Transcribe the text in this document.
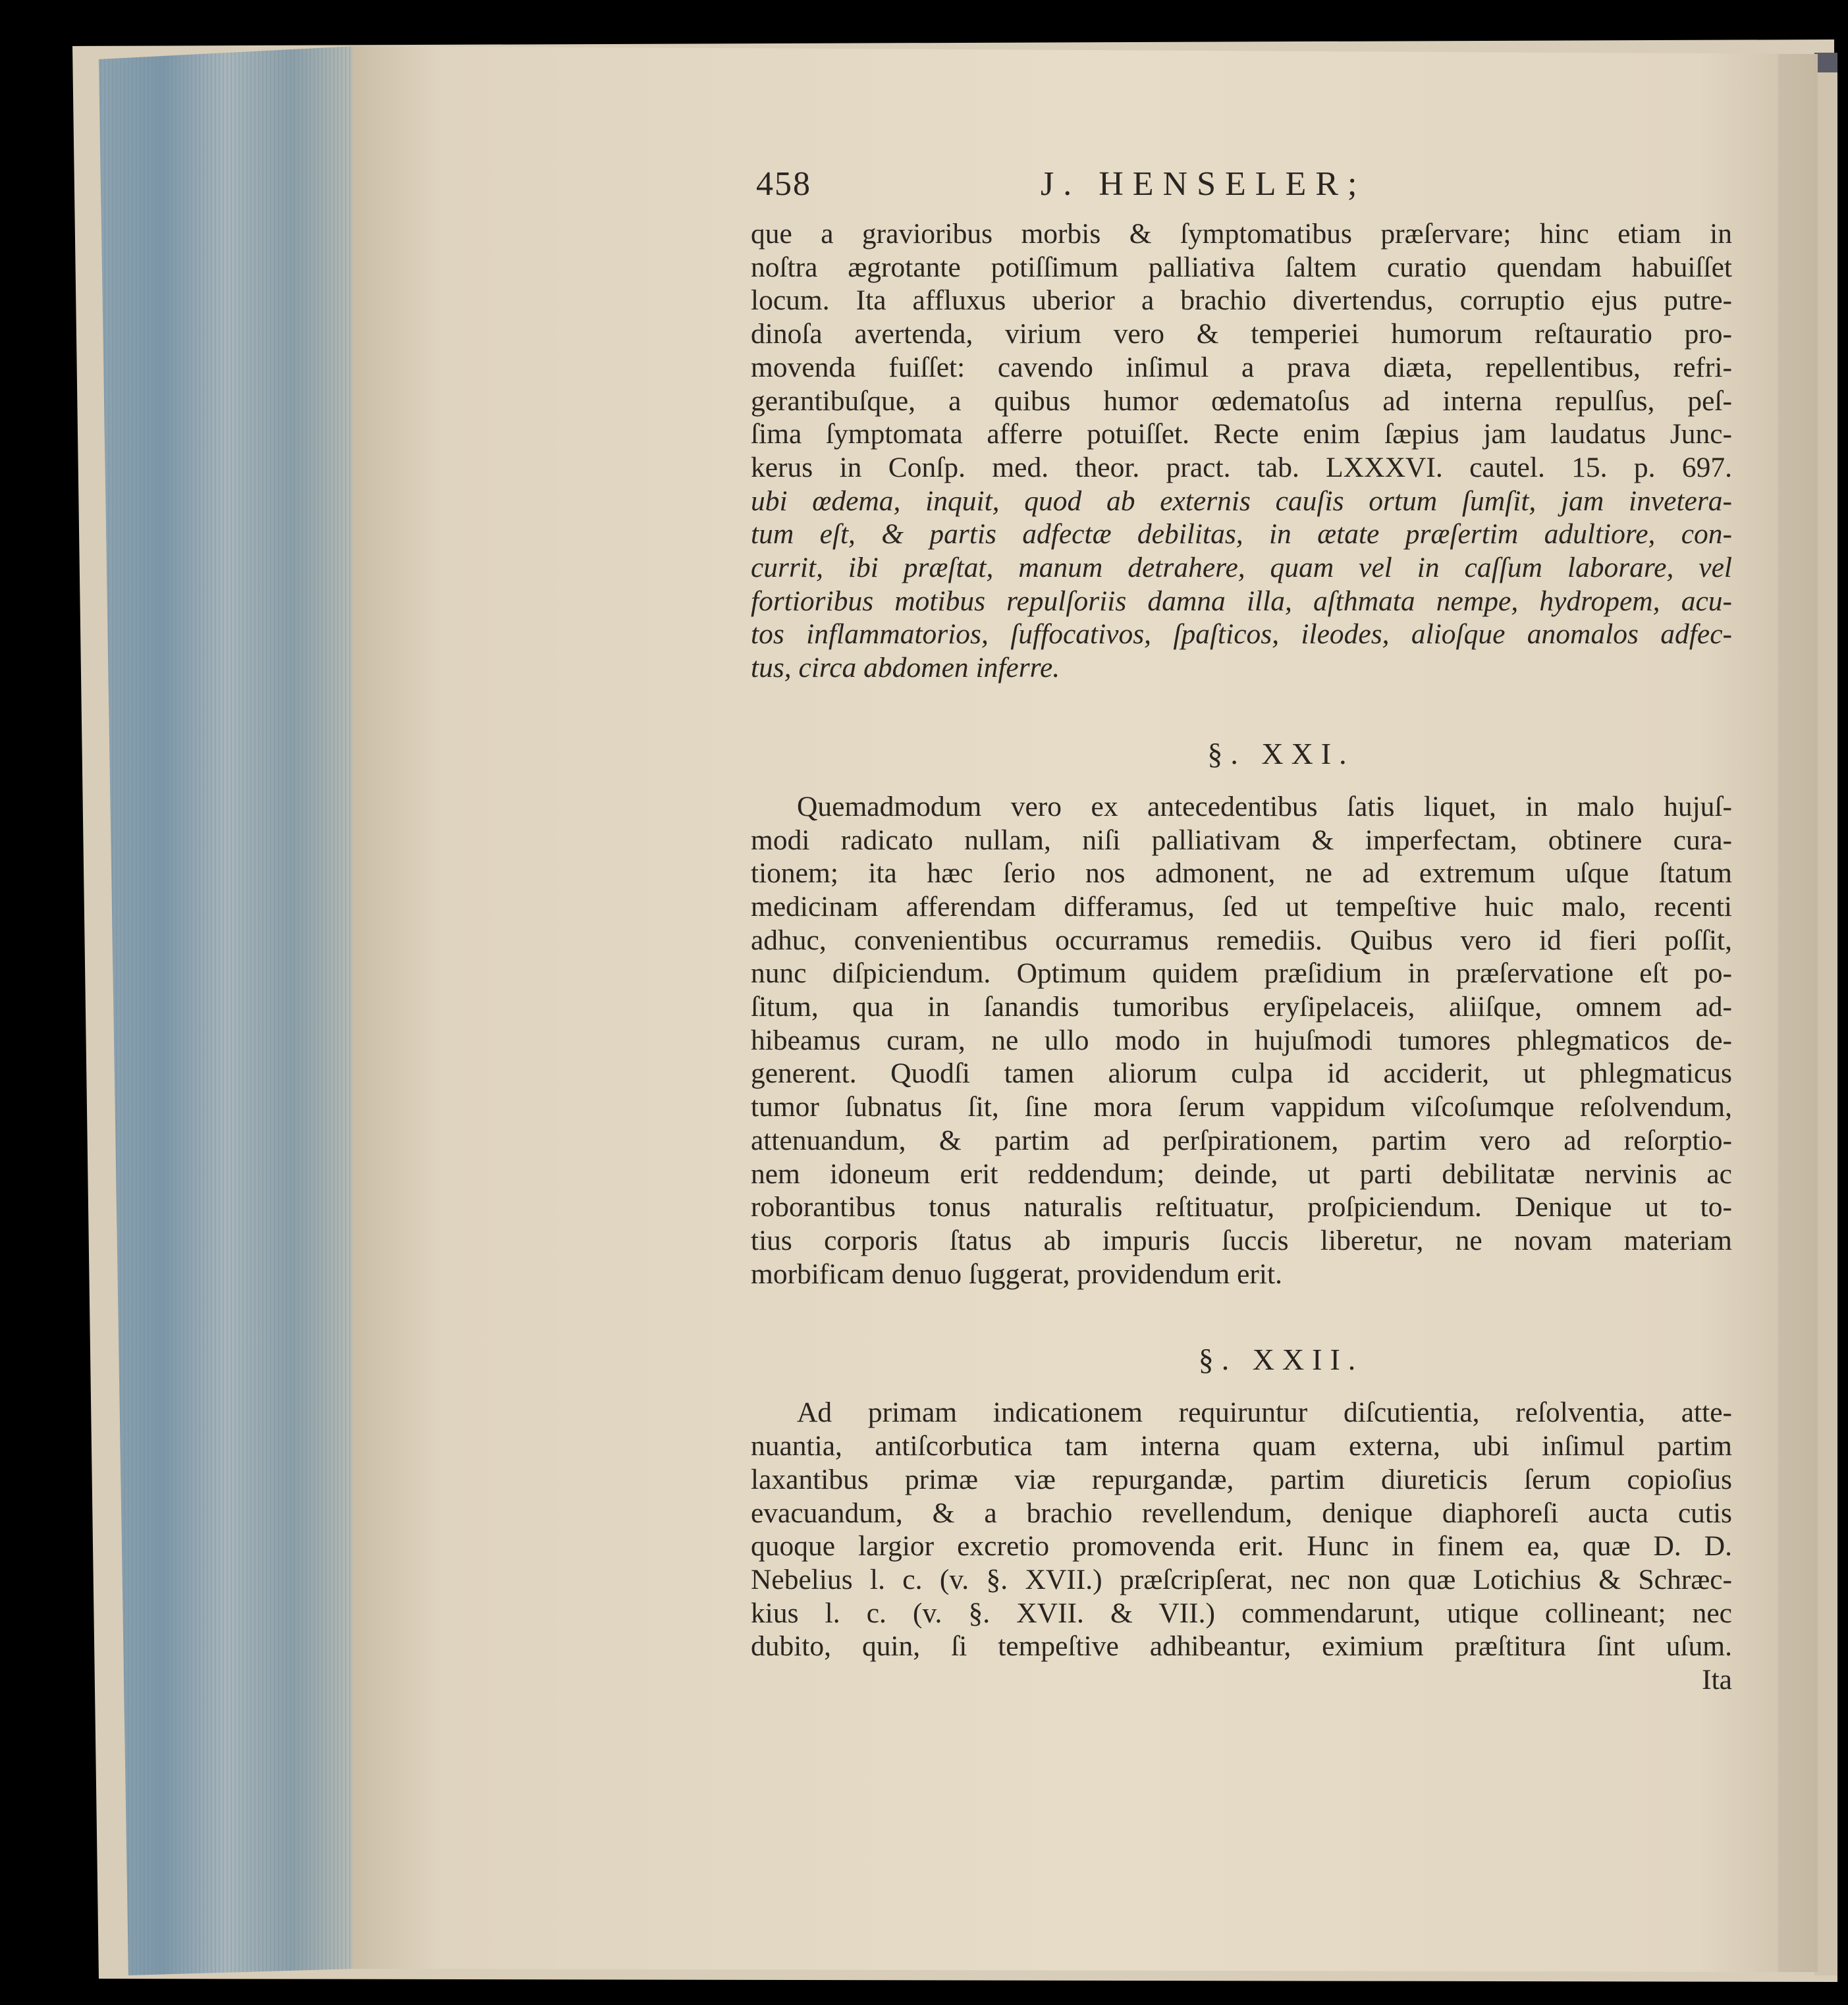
458	J. HENSELER;

que a gravioribus morbis & ſymptomatibus præſervare; hinc etiam in
noſtra ægrotante potiſſimum palliativa ſaltem curatio quendam habuiſſet
locum. Ita affluxus uberior a brachio divertendus, corruptio ejus putre-
dinoſa avertenda, virium vero & temperiei humorum reſtauratio pro-
movenda fuiſſet: cavendo inſimul a prava diæta, repellentibus, refri-
gerantibuſque, a quibus humor œdematoſus ad interna repulſus, peſ-
ſima ſymptomata afferre potuiſſet. Recte enim ſæpius jam laudatus Junc-
kerus in Conſp. med. theor. pract. tab. LXXXVI. cautel. 15. p. 697.

ubi œdema, inquit, quod ab externis cauſis ortum ſumſit, jam invetera-
tum eſt, & partis adfectæ debilitas, in ætate præſertim adultiore, con-
currit, ibi præſtat, manum detrahere, quam vel in caſſum laborare, vel
fortioribus motibus repulſoriis damna illa, aſthmata nempe, hydropem, acu-
tos inflammatorios, ſuffocativos, ſpaſticos, ileodes, alioſque anomalos adfec-
tus, circa abdomen inferre.

§. XXI.

Quemadmodum vero ex antecedentibus ſatis liquet, in malo hujuſ-
modi radicato nullam, niſi palliativam & imperfectam, obtinere cura-
tionem; ita hæc ſerio nos admonent, ne ad extremum uſque ſtatum
medicinam afferendam differamus, ſed ut tempeſtive huic malo, recenti
adhuc, convenientibus occurramus remediis. Quibus vero id fieri poſſit,
nunc diſpiciendum. Optimum quidem præſidium in præſervatione eſt po-
ſitum, qua in ſanandis tumoribus eryſipelaceis, aliiſque, omnem ad-
hibeamus curam, ne ullo modo in hujuſmodi tumores phlegmaticos de-
generent. Quodſi tamen aliorum culpa id acciderit, ut phlegmaticus
tumor ſubnatus ſit, ſine mora ſerum vappidum viſcoſumque reſolvendum,
attenuandum, & partim ad perſpirationem, partim vero ad reſorptio-
nem idoneum erit reddendum; deinde, ut parti debilitatæ nervinis ac
roborantibus tonus naturalis reſtituatur, proſpiciendum. Denique ut to-
tius corporis ſtatus ab impuris ſuccis liberetur, ne novam materiam
morbificam denuo ſuggerat, providendum erit.

§. XXII.

Ad primam indicationem requiruntur diſcutientia, reſolventia, atte-
nuantia, antiſcorbutica tam interna quam externa, ubi inſimul partim
laxantibus primæ viæ repurgandæ, partim diureticis ſerum copioſius
evacuandum, & a brachio revellendum, denique diaphoreſi aucta cutis
quoque largior excretio promovenda erit. Hunc in finem ea, quæ D. D.
Nebelius l. c. (v. §. XVII.) præſcripſerat, nec non quæ Lotichius & Schræc-
kius l. c. (v. §. XVII. & VII.) commendarunt, utique collineant; nec
dubito, quin, ſi tempeſtive adhibeantur, eximium præſtitura ſint uſum.

Ita
